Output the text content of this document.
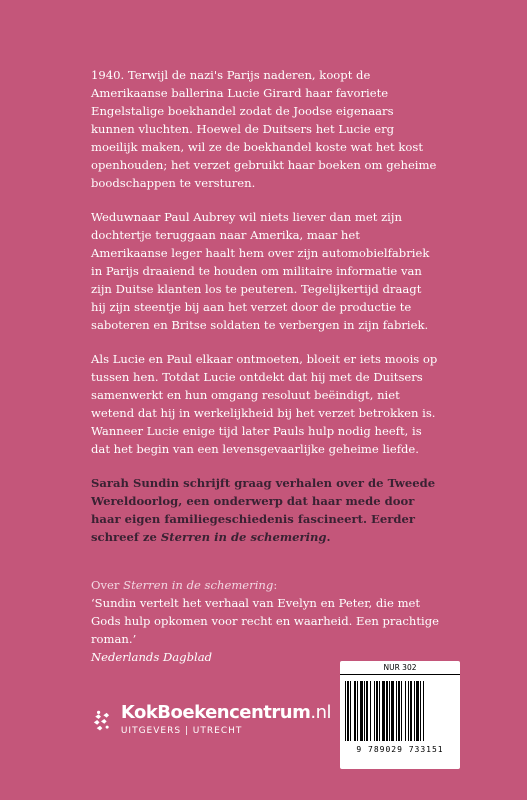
1940. Terwijl de nazi's Parijs naderen, koopt de Amerikaanse ballerina Lucie Girard haar favoriete Engelstalige boekhandel zodat de Joodse eigenaars kunnen vluchten. Hoewel de Duitsers het Lucie erg moeilijk maken, wil ze de boekhandel koste wat het kost openhouden; het verzet gebruikt haar boeken om geheime boodschappen te versturen.

Weduwnaar Paul Aubrey wil niets liever dan met zijn dochtertje teruggaan naar Amerika, maar het Amerikaanse leger haalt hem over zijn automobielfabriek in Parijs draaiend te houden om militaire informatie van zijn Duitse klanten los te peuteren. Tegelijkertijd draagt hij zijn steentje bij aan het verzet door de productie te saboteren en Britse soldaten te verbergen in zijn fabriek.

Als Lucie en Paul elkaar ontmoeten, bloeit er iets moois op tussen hen. Totdat Lucie ontdekt dat hij met de Duitsers samenwerkt en hun omgang resoluut beëindigt, niet wetend dat hij in werkelijkheid bij het verzet betrokken is. Wanneer Lucie enige tijd later Pauls hulp nodig heeft, is dat het begin van een levensgevaarlijke geheime liefde.

Sarah Sundin schrijft graag verhalen over de Tweede Wereldoorlog, een onderwerp dat haar mede door haar eigen familiegeschiedenis fascineert. Eerder schreef ze Sterren in de schemering.

Over Sterren in de schemering:
‘Sundin vertelt het verhaal van Evelyn en Peter, die met Gods hulp opkomen voor recht en waarheid. Een prachtige roman.’
Nederlands Dagblad
KokBoekencentrum.nl
UITGEVERS | UTRECHT
NUR 302
9 789029 733151
